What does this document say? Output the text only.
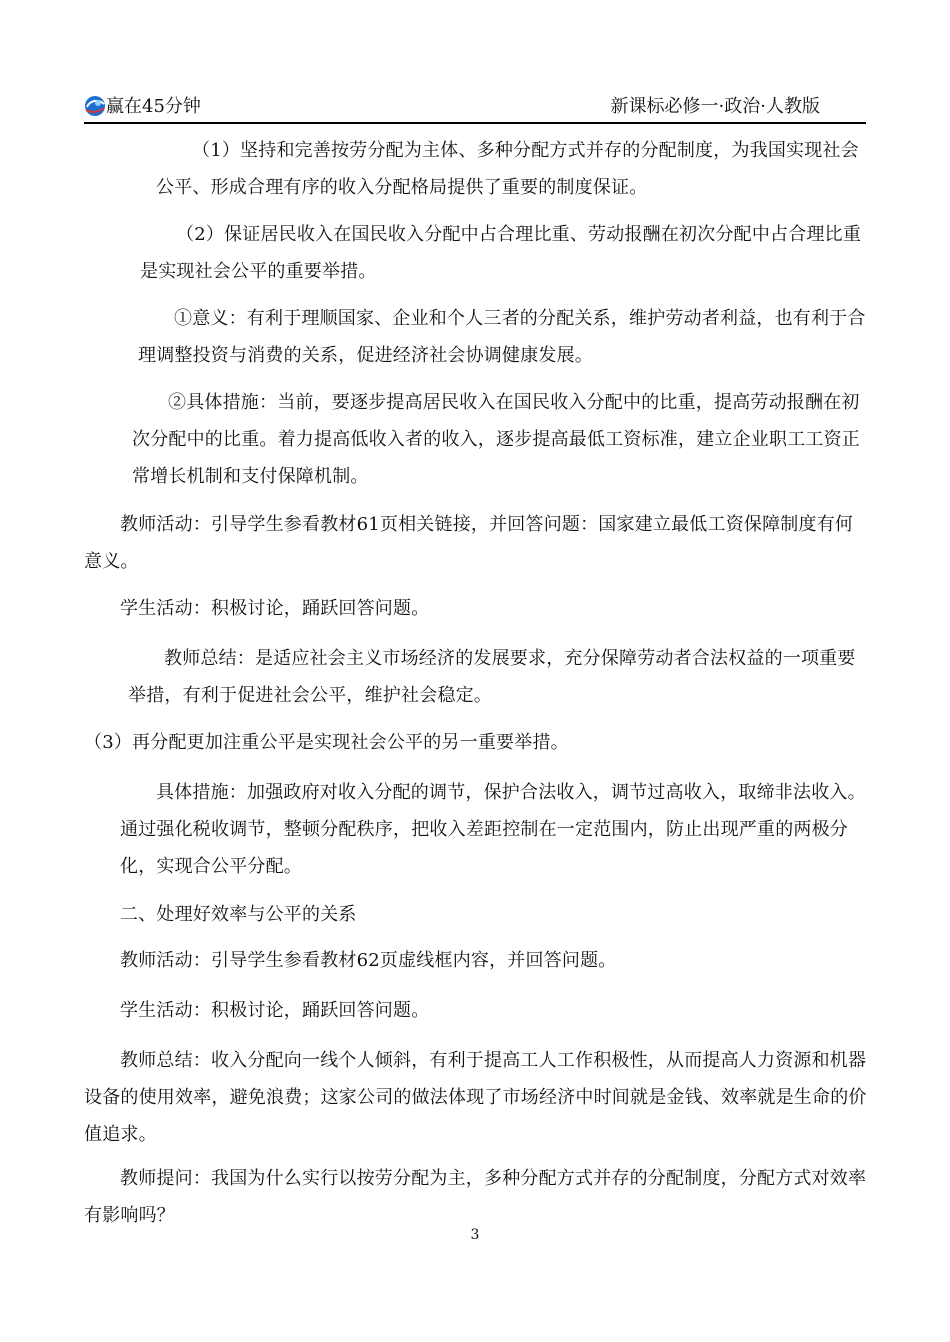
赢在45分钟	新课标必修一·政治·人教版
（1）坚持和完善按劳分配为主体、多种分配方式并存的分配制度，为我国实现社会公平、形成合理有序的收入分配格局提供了重要的制度保证。
（2）保证居民收入在国民收入分配中占合理比重、劳动报酬在初次分配中占合理比重是实现社会公平的重要举措。
①意义：有利于理顺国家、企业和个人三者的分配关系，维护劳动者利益，也有利于合理调整投资与消费的关系，促进经济社会协调健康发展。
②具体措施：当前，要逐步提高居民收入在国民收入分配中的比重，提高劳动报酬在初次分配中的比重。着力提高低收入者的收入，逐步提高最低工资标准，建立企业职工工资正常增长机制和支付保障机制。
教师活动：引导学生参看教材61页相关链接，并回答问题：国家建立最低工资保障制度有何意义。
学生活动：积极讨论，踊跃回答问题。
教师总结：是适应社会主义市场经济的发展要求，充分保障劳动者合法权益的一项重要举措，有利于促进社会公平，维护社会稳定。
（3）再分配更加注重公平是实现社会公平的另一重要举措。
具体措施：加强政府对收入分配的调节，保护合法收入，调节过高收入，取缔非法收入。通过强化税收调节，整顿分配秩序，把收入差距控制在一定范围内，防止出现严重的两极分化，实现合公平分配。
二、处理好效率与公平的关系
教师活动：引导学生参看教材62页虚线框内容，并回答问题。
学生活动：积极讨论，踊跃回答问题。
教师总结：收入分配向一线个人倾斜，有利于提高工人工作积极性，从而提高人力资源和机器设备的使用效率，避免浪费；这家公司的做法体现了市场经济中时间就是金钱、效率就是生命的价值追求。
教师提问：我国为什么实行以按劳分配为主，多种分配方式并存的分配制度，分配方式对效率有影响吗？
3
